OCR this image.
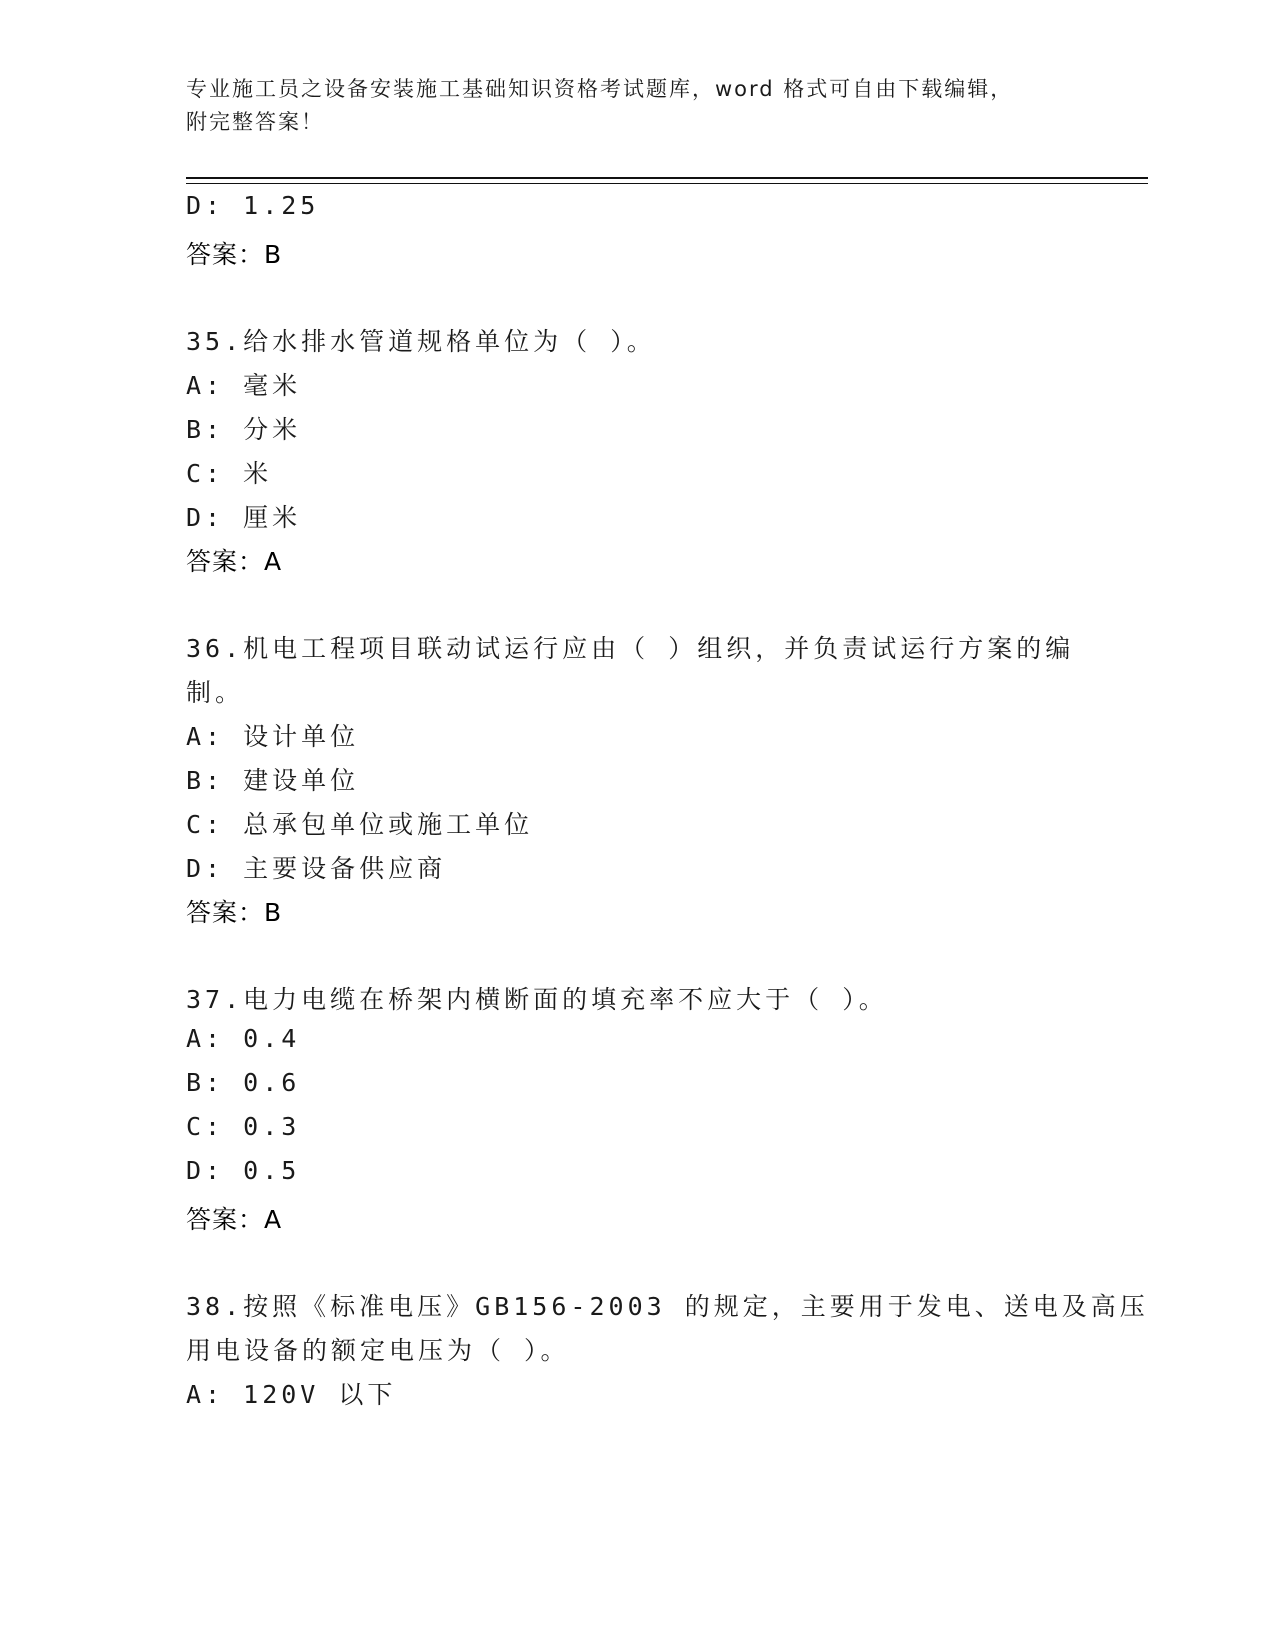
专业施工员之设备安装施工基础知识资格考试题库，word 格式可自由下载编辑，
附完整答案！
D: 1.25
答案：B
35.给水排水管道规格单位为（ ）。
A: 毫米
B: 分米
C: 米
D: 厘米
答案：A
36.机电工程项目联动试运行应由（ ）组织，并负责试运行方案的编
制。
A: 设计单位
B: 建设单位
C: 总承包单位或施工单位
D: 主要设备供应商
答案：B
37.电力电缆在桥架内横断面的填充率不应大于（ ）。
A: 0.4
B: 0.6
C: 0.3
D: 0.5
答案：A
38.按照《标准电压》GB156-2003 的规定，主要用于发电、送电及高压
用电设备的额定电压为（ ）。
A: 120V 以下
